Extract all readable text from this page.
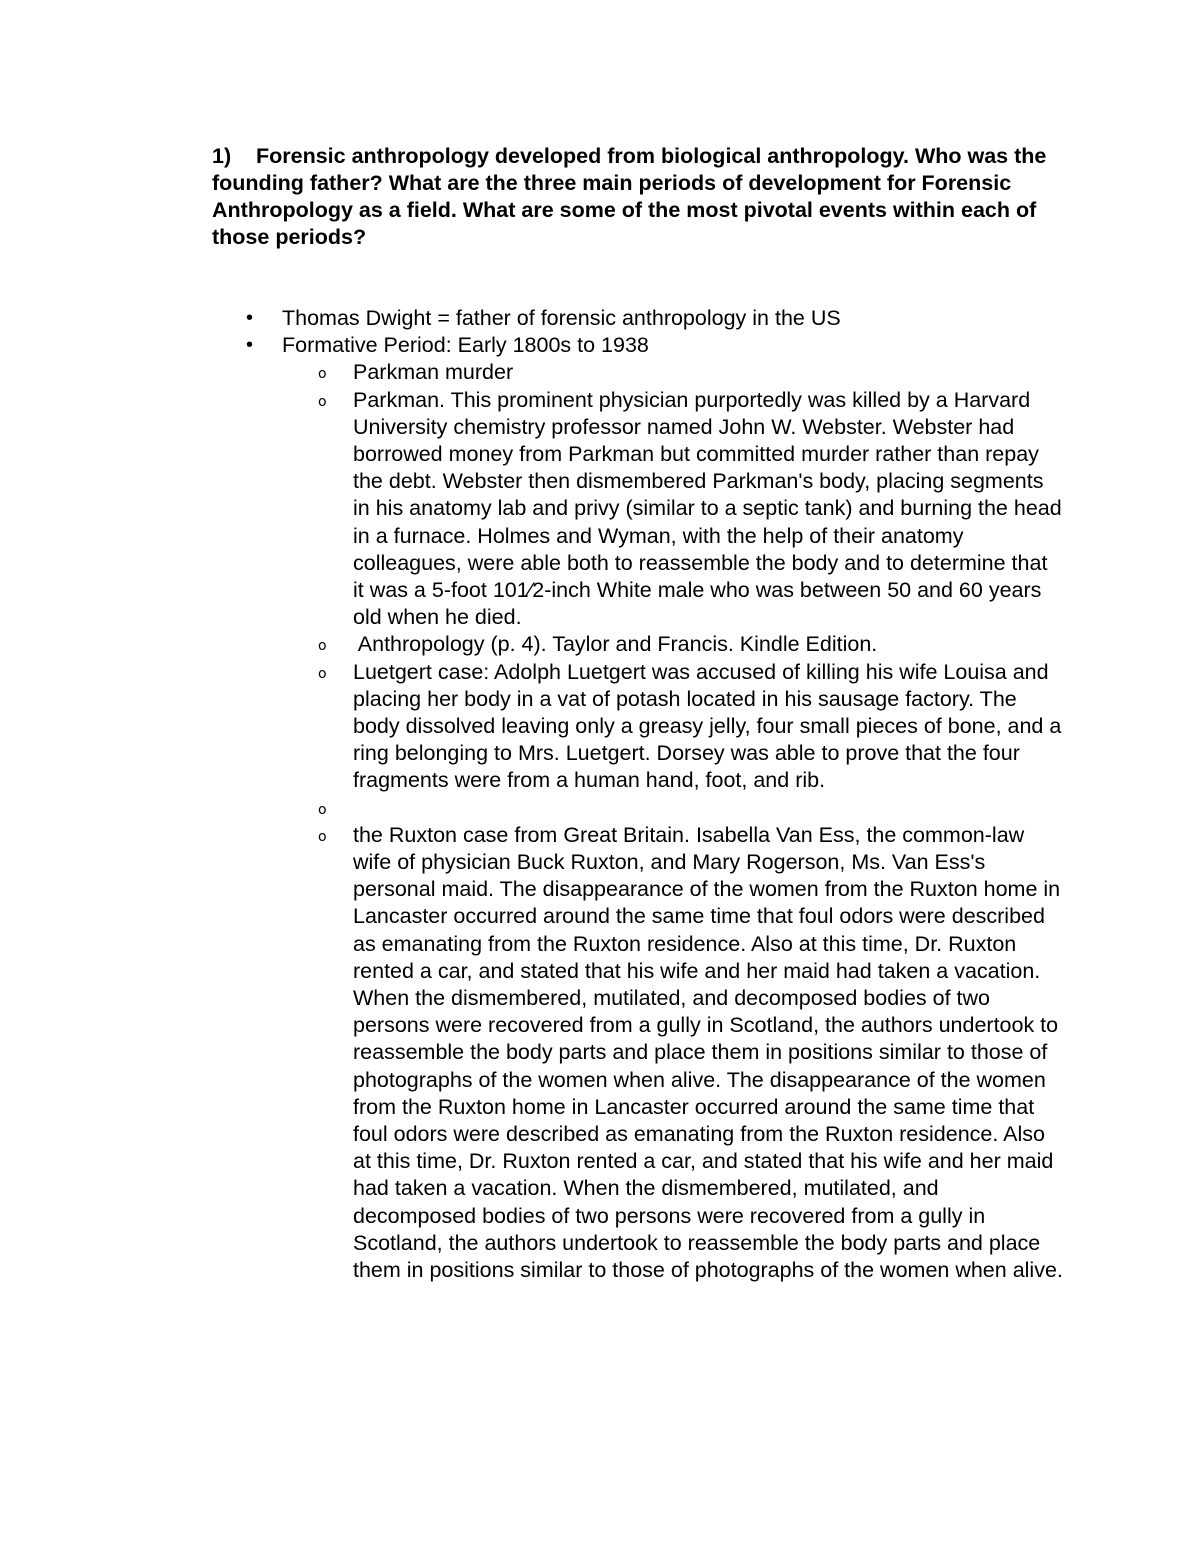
1) Forensic anthropology developed from biological anthropology. Who was the founding father? What are the three main periods of development for Forensic Anthropology as a field. What are some of the most pivotal events within each of those periods?

• Thomas Dwight = father of forensic anthropology in the US

• Formative Period: Early 1800s to 1938

o Parkman murder

o Parkman. This prominent physician purportedly was killed by a Harvard University chemistry professor named John W. Webster. Webster had borrowed money from Parkman but committed murder rather than repay the debt. Webster then dismembered Parkman's body, placing segments in his anatomy lab and privy (similar to a septic tank) and burning the head in a furnace. Holmes and Wyman, with the help of their anatomy colleagues, were able both to reassemble the body and to determine that it was a 5-foot 101⁄2-inch White male who was between 50 and 60 years old when he died.

o Anthropology (p. 4). Taylor and Francis. Kindle Edition.

o Luetgert case: Adolph Luetgert was accused of killing his wife Louisa and placing her body in a vat of potash located in his sausage factory. The body dissolved leaving only a greasy jelly, four small pieces of bone, and a ring belonging to Mrs. Luetgert. Dorsey was able to prove that the four fragments were from a human hand, foot, and rib.

o

o the Ruxton case from Great Britain. Isabella Van Ess, the common-law wife of physician Buck Ruxton, and Mary Rogerson, Ms. Van Ess's personal maid. The disappearance of the women from the Ruxton home in Lancaster occurred around the same time that foul odors were described as emanating from the Ruxton residence. Also at this time, Dr. Ruxton rented a car, and stated that his wife and her maid had taken a vacation. When the dismembered, mutilated, and decomposed bodies of two persons were recovered from a gully in Scotland, the authors undertook to reassemble the body parts and place them in positions similar to those of photographs of the women when alive. The disappearance of the women from the Ruxton home in Lancaster occurred around the same time that foul odors were described as emanating from the Ruxton residence. Also at this time, Dr. Ruxton rented a car, and stated that his wife and her maid had taken a vacation. When the dismembered, mutilated, and decomposed bodies of two persons were recovered from a gully in Scotland, the authors undertook to reassemble the body parts and place them in positions similar to those of photographs of the women when alive.
